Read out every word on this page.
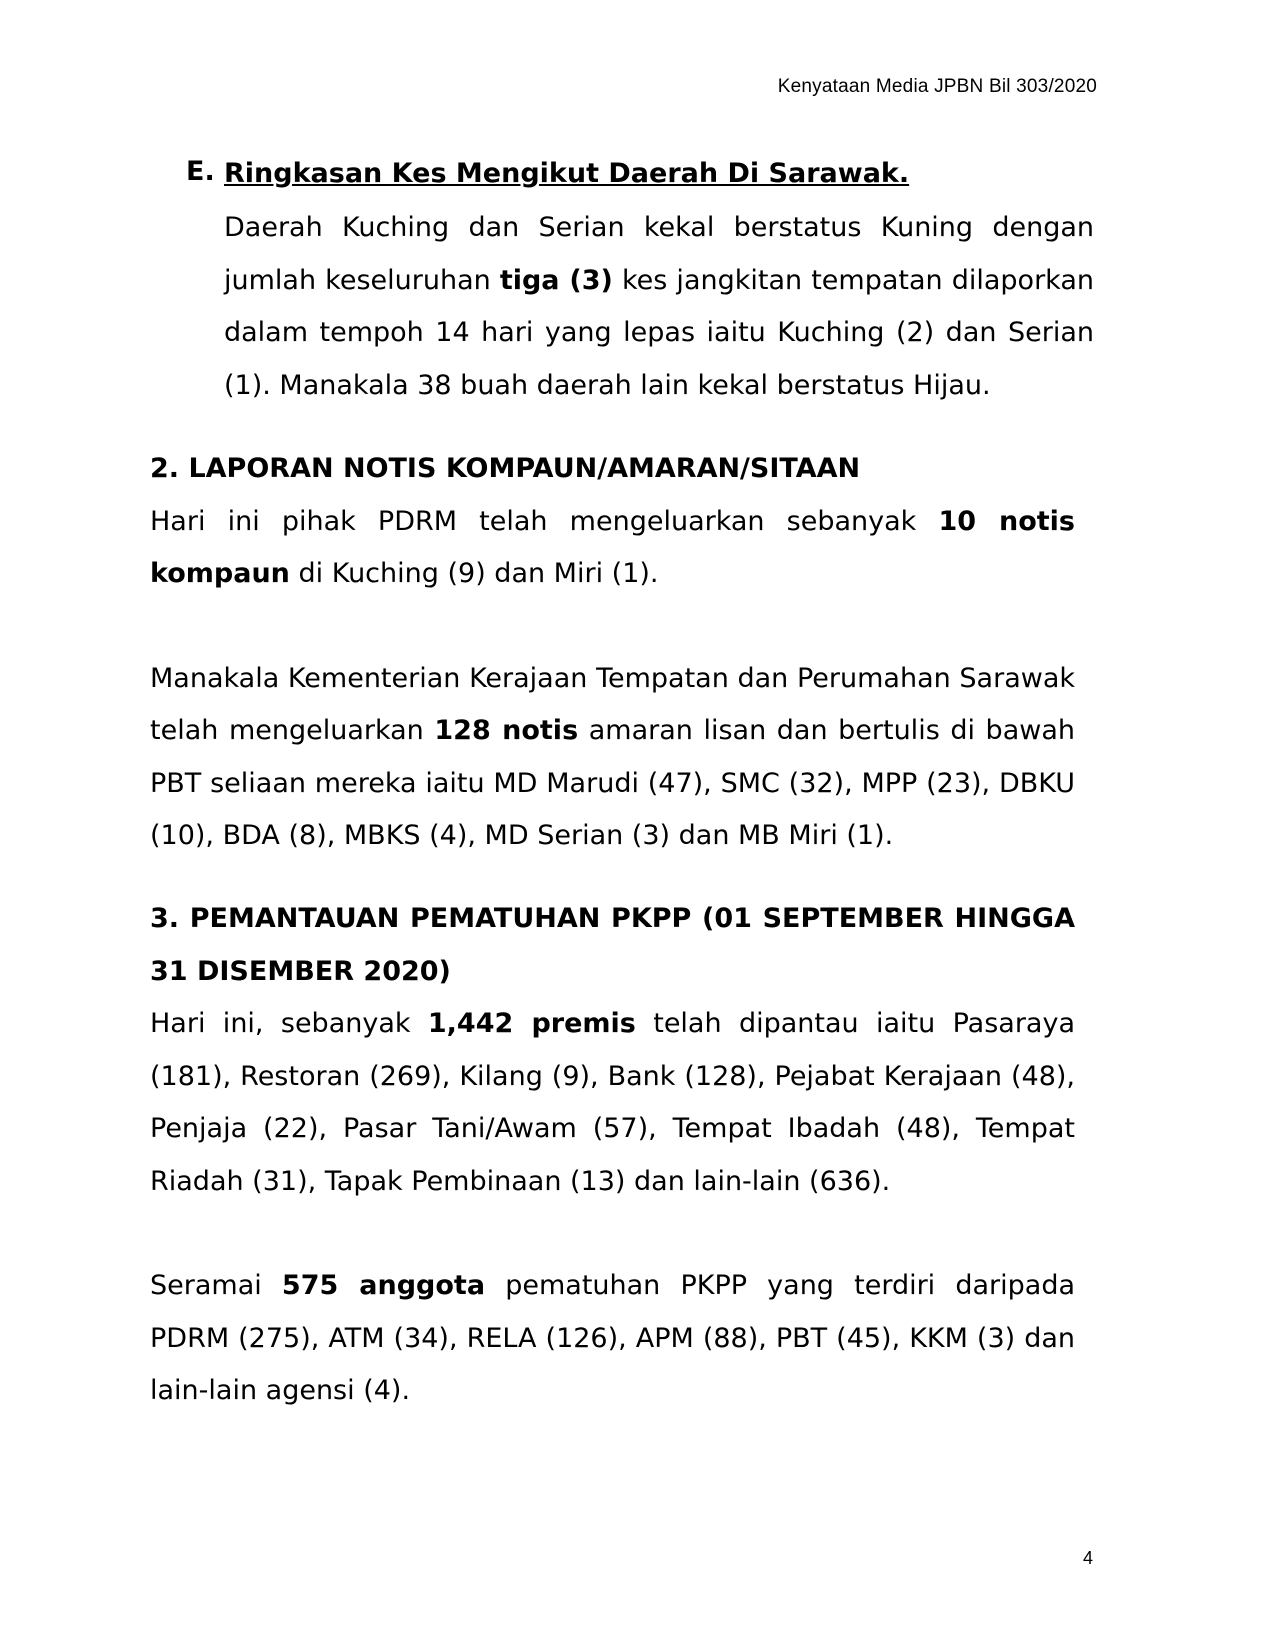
Kenyataan Media JPBN Bil 303/2020
E. Ringkasan Kes Mengikut Daerah Di Sarawak.
Daerah Kuching dan Serian kekal berstatus Kuning dengan jumlah keseluruhan tiga (3) kes jangkitan tempatan dilaporkan dalam tempoh 14 hari yang lepas iaitu Kuching (2) dan Serian (1). Manakala 38 buah daerah lain kekal berstatus Hijau.
2. LAPORAN NOTIS KOMPAUN/AMARAN/SITAAN
Hari ini pihak PDRM telah mengeluarkan sebanyak 10 notis kompaun di Kuching (9) dan Miri (1).
Manakala Kementerian Kerajaan Tempatan dan Perumahan Sarawak telah mengeluarkan 128 notis amaran lisan dan bertulis di bawah PBT seliaan mereka iaitu MD Marudi (47), SMC (32), MPP (23), DBKU (10), BDA (8), MBKS (4), MD Serian (3) dan MB Miri (1).
3. PEMANTAUAN PEMATUHAN PKPP (01 SEPTEMBER HINGGA 31 DISEMBER 2020)
Hari ini, sebanyak 1,442 premis telah dipantau iaitu Pasaraya (181), Restoran (269), Kilang (9), Bank (128), Pejabat Kerajaan (48), Penjaja (22), Pasar Tani/Awam (57), Tempat Ibadah (48), Tempat Riadah (31), Tapak Pembinaan (13) dan lain-lain (636).
Seramai 575 anggota pematuhan PKPP yang terdiri daripada PDRM (275), ATM (34), RELA (126), APM (88), PBT (45), KKM (3) dan lain-lain agensi (4).
4
